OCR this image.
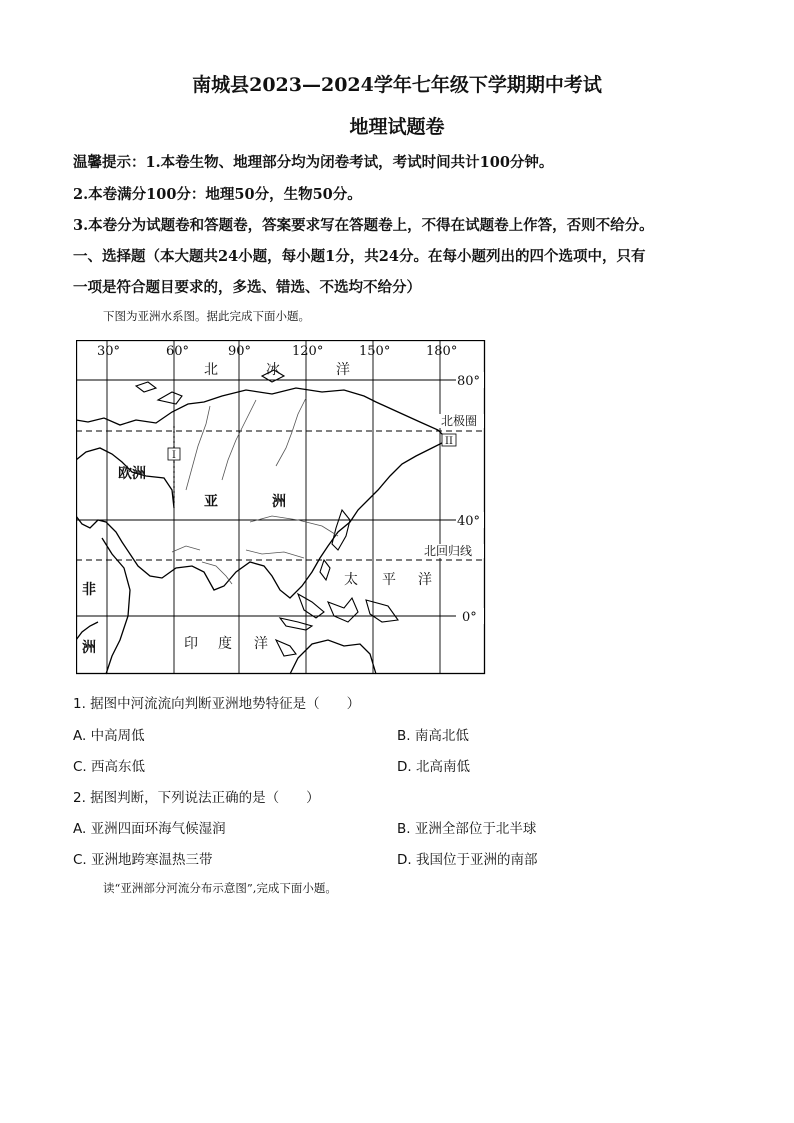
南城县2023—2024学年七年级下学期期中考试
地理试题卷
温馨提示：1.本卷生物、地理部分均为闭卷考试，考试时间共计100分钟。
2.本卷满分100分：地理50分，生物50分。
3.本卷分为试题卷和答题卷，答案要求写在答题卷上，不得在试题卷上作答，否则不给分。
一、选择题（本大题共24小题，每小题1分，共24分。在每小题列出的四个选项中，只有
一项是符合题目要求的，多选、错选、不选均不给分）
下图为亚洲水系图。据此完成下面小题。
30°	60°	90°	120°	150°	180°
80°
40°
0°
北极圈
北回归线
北	冰	洋
太 平 洋
印 度 洋
欧洲
亚	洲
非
洲
I
II
1. 据图中河流流向判断亚洲地势特征是（　　）
A. 中高周低	B. 南高北低
C. 西高东低	D. 北高南低
2. 据图判断，下列说法正确的是（　　）
A. 亚洲四面环海气候湿润	B. 亚洲全部位于北半球
C. 亚洲地跨寒温热三带	D. 我国位于亚洲的南部
读“亚洲部分河流分布示意图”,完成下面小题。
